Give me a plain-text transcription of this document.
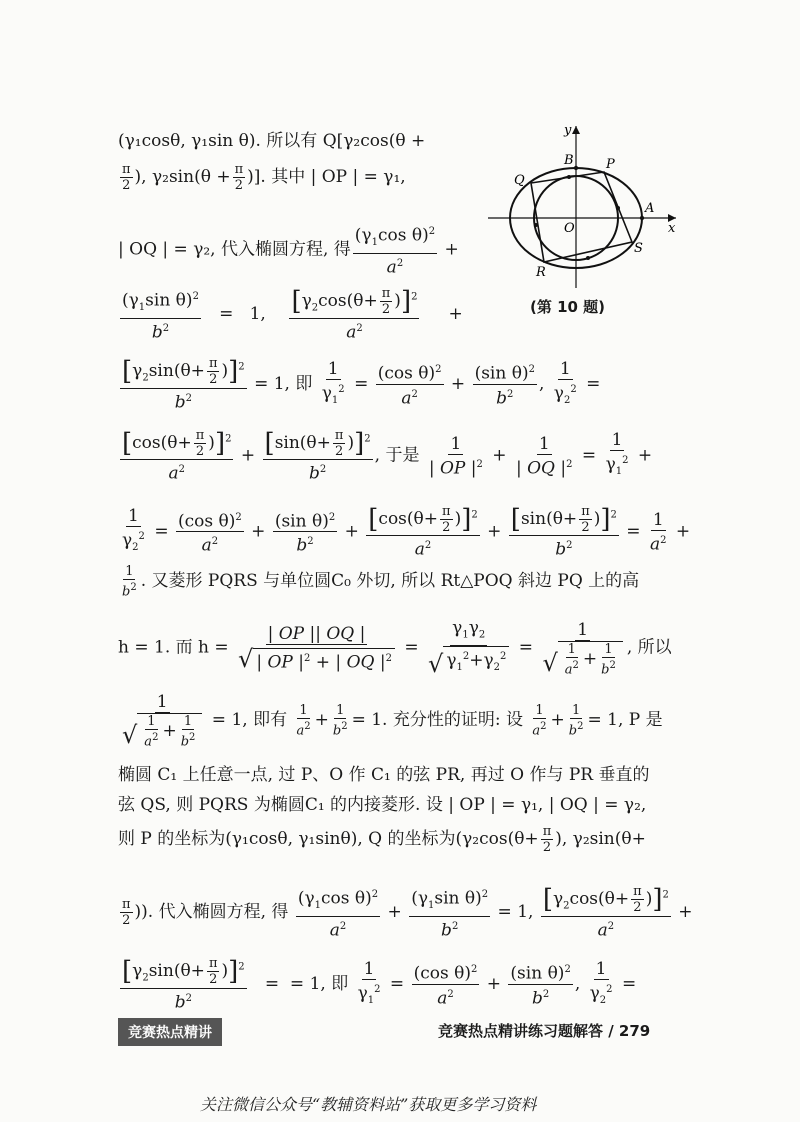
y
x
B P
Q
O
A
R
S
(第 10 题)
(γ₁cosθ, γ₁sin θ). 所以有 Q[γ₂cos(θ +
$\frac{\pi}{2}$ ), $\gamma_2\sin(\theta + \frac{\pi}{2}$ )]. 其中 | OP | = γ₁,
| OQ | = γ₂, 代入椭圆方程, 得 $\frac{(\gamma_1\cos \theta)^2}{a^2}$ +
$\frac{(\gamma_1\sin \theta)^2}{b^2} = 1$, $\frac{[\gamma_2\cos(\theta+ \frac{\pi}{2} )]^2}{a^2}$ +
$\frac{[\gamma_2\sin(\theta+ \frac{\pi}{2} )]^2}{b^2} = 1$, 即 $\frac{1}{\gamma_1^2} = \frac{(\cos \theta)^2}{a^2} + \frac{(\sin \theta)^2}{b^2}$ , $\frac{1}{\gamma_2^2}$ =
$\frac{[\cos(\theta+ \frac{\pi}{2} )]^2}{a^2} + \frac{[\sin(\theta+ \frac{\pi}{2} )]^2}{b^2}$ , 于是 $\frac{1}{| OP |^2} + \frac{1}{| OQ |^2} = \frac{1}{\gamma_1^2}$ +
$\frac{1}{\gamma_2^2} = \frac{(\cos \theta)^2}{a^2} + \frac{(\sin \theta)^2}{b^2} + \frac{[\cos(\theta+ \frac{\pi}{2} )]^2}{a^2} + \frac{[\sin(\theta+ \frac{\pi}{2} )]^2}{b^2} = \frac{1}{a^2}$ +
$\frac{1}{b^2}$ . 又菱形 PQRS 与单位圆C₀ 外切, 所以 Rt△POQ 斜边 PQ 上的高
h = 1. 而 $h = \frac{| OP || OQ |}{√ | OP |^2 + | OQ |^2} = \frac{\gamma_1\gamma_2}{√ \gamma_1^2+\gamma_2^2} = \frac{1}{√ \frac{1}{a^2} + \frac{1}{b^2}}$ , 所以
$\frac{1}{√ \frac{1}{a^2} + \frac{1}{b^2}} = 1$, 即有 $\frac{1}{a^2} + \frac{1}{b^2} = 1$. 充分性的证明: 设 $\frac{1}{a^2} + \frac{1}{b^2} = 1$, P 是
椭圆 C₁ 上任意一点, 过 P、O 作 C₁ 的弦 PR, 再过 O 作与 PR 垂直的
弦 QS, 则 PQRS 为椭圆C₁ 的内接菱形. 设 | OP | = γ₁, | OQ | = γ₂,
则 P 的坐标为(γ₁cosθ, γ₁sinθ), Q 的坐标为($\gamma_2\cos(\theta+ \frac{\pi}{2}$ ), γ₂sin(θ+
$\frac{\pi}{2}$ )). 代入椭圆方程, 得 $\frac{(\gamma_1\cos \theta)^2}{a^2} + \frac{(\gamma_1\sin \theta)^2}{b^2} = 1$, $\frac{[\gamma_2\cos(\theta+ \frac{\pi}{2} )]^2}{a^2}$ +
$\frac{[\gamma_2\sin(\theta+ \frac{\pi}{2} )]^2}{b^2}$ =  = 1, 即 $\frac{1}{\gamma_1^2} = \frac{(\cos \theta)^2}{a^2} + \frac{(\sin \theta)^2}{b^2}$ , $\frac{1}{\gamma_2^2}$ =
竞赛热点精讲	竞赛热点精讲练习题解答 / 279
关注微信公众号“教辅资料站”获取更多学习资料
